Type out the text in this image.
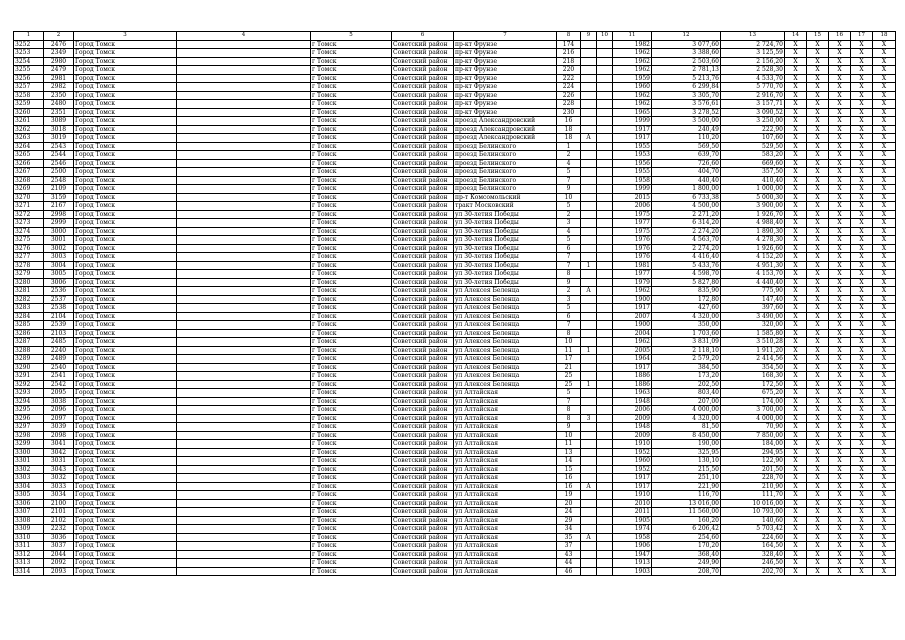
1	2	3	4	5	6	7	8	9	10	11	12	13	14	15	16	17	18
3252	2476	Город Томск		г Томск	Советский район	пр-кт Фрунзе	174			1982	3 077,60	2 724,70	X	X	X	X	X
3253	2349	Город Томск		г Томск	Советский район	пр-кт Фрунзе	216			1962	3 388,60	3 125,59	X	X	X	X	X
3254	2980	Город Томск		г Томск	Советский район	пр-кт Фрунзе	218			1962	2 503,60	2 156,20	X	X	X	X	X
3255	2479	Город Томск		г Томск	Советский район	пр-кт Фрунзе	220			1962	2 781,13	2 528,30	X	X	X	X	X
3256	2981	Город Томск		г Томск	Советский район	пр-кт Фрунзе	222			1959	5 213,76	4 533,70	X	X	X	X	X
3257	2982	Город Томск		г Томск	Советский район	пр-кт Фрунзе	224			1960	6 299,84	5 770,70	X	X	X	X	X
3258	2350	Город Томск		г Томск	Советский район	пр-кт Фрунзе	226			1962	3 305,70	2 916,70	X	X	X	X	X
3259	2480	Город Томск		г Томск	Советский район	пр-кт Фрунзе	228			1962	3 576,61	3 157,71	X	X	X	X	X
3260	2351	Город Томск		г Томск	Советский район	пр-кт Фрунзе	230			1965	3 278,52	3 090,52	X	X	X	X	X
3261	3089	Город Томск		г Томск	Советский район	проезд Александровский	16			1999	3 500,00	3 250,00	X	X	X	X	X
3262	3018	Город Томск		г Томск	Советский район	проезд Александровский	18			1917	240,49	222,90	X	X	X	X	X
3263	3019	Город Томск		г Томск	Советский район	проезд Александровский	18	А		1917	110,20	107,60	X	X	X	X	X
3264	2543	Город Томск		г Томск	Советский район	проезд Белинского	1			1955	569,50	529,50	X	X	X	X	X
3265	2544	Город Томск		г Томск	Советский район	проезд Белинского	2			1953	639,70	583,20	X	X	X	X	X
3266	2546	Город Томск		г Томск	Советский район	проезд Белинского	4			1956	726,60	669,60	X	X	X	X	X
3267	2500	Город Томск		г Томск	Советский район	проезд Белинского	5			1955	404,70	357,50	X	X	X	X	X
3268	2548	Город Томск		г Томск	Советский район	проезд Белинского	7			1958	440,40	410,40	X	X	X	X	X
3269	2109	Город Томск		г Томск	Советский район	проезд Белинского	9			1999	1 800,00	1 000,00	X	X	X	X	X
3270	3159	Город Томск		г Томск	Советский район	пр-т Комсомольский	10			2015	6 733,38	5 000,30	X	X	X	X	X
3271	2167	Город Томск		г Томск	Советский район	тракт Московский	5			2006	4 500,00	3 900,00	X	X	X	X	X
3272	2998	Город Томск		г Томск	Советский район	ул 30-летия Победы	2			1975	2 271,20	1 926,70	X	X	X	X	X
3273	2999	Город Томск		г Томск	Советский район	ул 30-летия Победы	3			1977	6 314,20	4 988,40	X	X	X	X	X
3274	3000	Город Томск		г Томск	Советский район	ул 30-летия Победы	4			1975	2 274,20	1 890,30	X	X	X	X	X
3275	3001	Город Томск		г Томск	Советский район	ул 30-летия Победы	5			1976	4 563,70	4 278,30	X	X	X	X	X
3276	3002	Город Томск		г Томск	Советский район	ул 30-летия Победы	6			1976	2 274,20	1 926,60	X	X	X	X	X
3277	3003	Город Томск		г Томск	Советский район	ул 30-летия Победы	7			1976	4 416,40	4 152,20	X	X	X	X	X
3278	3004	Город Томск		г Томск	Советский район	ул 30-летия Победы	7	1		1981	5 433,76	4 951,30	X	X	X	X	X
3279	3005	Город Томск		г Томск	Советский район	ул 30-летия Победы	8			1977	4 598,70	4 153,70	X	X	X	X	X
3280	3006	Город Томск		г Томск	Советский район	ул 30-летия Победы	9			1979	5 827,80	4 440,40	X	X	X	X	X
3281	2536	Город Томск		г Томск	Советский район	ул Алексея Беленца	2	А		1962	835,90	775,90	X	X	X	X	X
3282	2537	Город Томск		г Томск	Советский район	ул Алексея Беленца	3			1900	172,80	147,40	X	X	X	X	X
3283	2538	Город Томск		г Томск	Советский район	ул Алексея Беленца	5			1917	427,60	397,60	X	X	X	X	X
3284	2104	Город Томск		г Томск	Советский район	ул Алексея Беленца	6			2007	4 320,00	3 490,00	X	X	X	X	X
3285	2539	Город Томск		г Томск	Советский район	ул Алексея Беленца	7			1900	350,00	320,00	X	X	X	X	X
3286	2103	Город Томск		г Томск	Советский район	ул Алексея Беленца	8			2004	1 703,60	1 585,80	X	X	X	X	X
3287	2485	Город Томск		г Томск	Советский район	ул Алексея Беленца	10			1962	3 831,09	3 510,28	X	X	X	X	X
3288	2240	Город Томск		г Томск	Советский район	ул Алексея Беленца	11	1		2005	2 118,10	1 911,20	X	X	X	X	X
3289	2489	Город Томск		г Томск	Советский район	ул Алексея Беленца	17			1964	2 579,20	2 414,56	X	X	X	X	X
3290	2540	Город Томск		г Томск	Советский район	ул Алексея Беленца	21			1917	384,50	354,50	X	X	X	X	X
3291	2541	Город Томск		г Томск	Советский район	ул Алексея Беленца	25			1886	173,20	168,30	X	X	X	X	X
3292	2542	Город Томск		г Томск	Советский район	ул Алексея Беленца	25	1		1886	202,50	172,50	X	X	X	X	X
3293	2095	Город Томск		г Томск	Советский район	ул Алтайская	5			1963	803,40	675,20	X	X	X	X	X
3294	3038	Город Томск		г Томск	Советский район	ул Алтайская	7			1948	207,00	174,00	X	X	X	X	X
3295	2096	Город Томск		г Томск	Советский район	ул Алтайская	8			2006	4 000,00	3 700,00	X	X	X	X	X
3296	2097	Город Томск		г Томск	Советский район	ул Алтайская	8	3		2009	4 320,00	4 000,00	X	X	X	X	X
3297	3039	Город Томск		г Томск	Советский район	ул Алтайская	9			1948	81,50	70,90	X	X	X	X	X
3298	2098	Город Томск		г Томск	Советский район	ул Алтайская	10			2009	8 450,00	7 850,00	X	X	X	X	X
3299	3041	Город Томск		г Томск	Советский район	ул Алтайская	11			1910	190,00	184,00	X	X	X	X	X
3300	3042	Город Томск		г Томск	Советский район	ул Алтайская	13			1952	325,95	294,95	X	X	X	X	X
3301	3031	Город Томск		г Томск	Советский район	ул Алтайская	14			1960	130,10	122,90	X	X	X	X	X
3302	3043	Город Томск		г Томск	Советский район	ул Алтайская	15			1952	215,50	201,50	X	X	X	X	X
3303	3032	Город Томск		г Томск	Советский район	ул Алтайская	16			1917	251,10	228,70	X	X	X	X	X
3304	3033	Город Томск		г Томск	Советский район	ул Алтайская	16	А		1917	221,90	210,90	X	X	X	X	X
3305	3034	Город Томск		г Томск	Советский район	ул Алтайская	19			1910	116,70	111,70	X	X	X	X	X
3306	2100	Город Томск		г Томск	Советский район	ул Алтайская	20			2010	13 016,00	10 016,00	X	X	X	X	X
3307	2101	Город Томск		г Томск	Советский район	ул Алтайская	24			2011	11 560,00	10 793,00	X	X	X	X	X
3308	2102	Город Томск		г Томск	Советский район	ул Алтайская	29			1905	160,20	140,60	X	X	X	X	X
3309	2232	Город Томск		г Томск	Советский район	ул Алтайская	34			1974	6 206,42	5 703,42	X	X	X	X	X
3310	3036	Город Томск		г Томск	Советский район	ул Алтайская	35	А		1958	254,60	224,60	X	X	X	X	X
3311	3037	Город Томск		г Томск	Советский район	ул Алтайская	37			1906	170,20	164,50	X	X	X	X	X
3312	2044	Город Томск		г Томск	Советский район	ул Алтайская	43			1947	368,40	328,40	X	X	X	X	X
3313	2092	Город Томск		г Томск	Советский район	ул Алтайская	44			1913	249,90	246,50	X	X	X	X	X
3314	2093	Город Томск		г Томск	Советский район	ул Алтайская	46			1903	208,70	202,70	X	X	X	X	X
